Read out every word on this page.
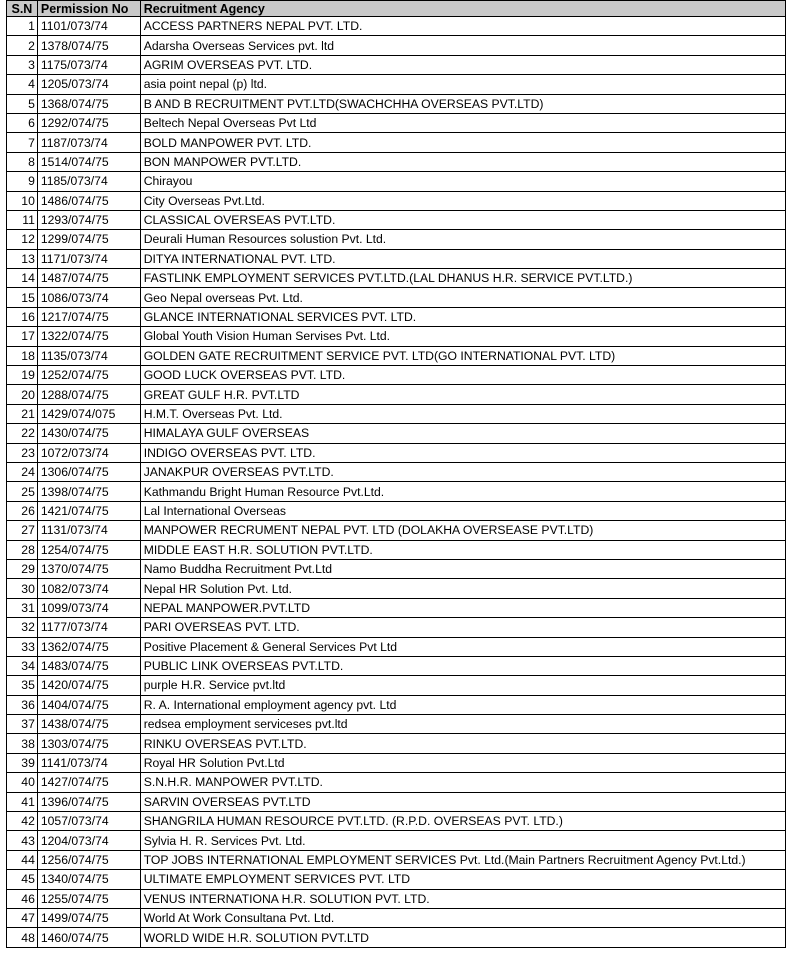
S.N	Permission No	Recruitment Agency
1	1101/073/74	ACCESS PARTNERS NEPAL PVT. LTD.
2	1378/074/75	Adarsha Overseas Services pvt. ltd
3	1175/073/74	AGRIM OVERSEAS PVT. LTD.
4	1205/073/74	asia point nepal (p) ltd.
5	1368/074/75	B AND B RECRUITMENT PVT.LTD(SWACHCHHA OVERSEAS PVT.LTD)
6	1292/074/75	Beltech Nepal Overseas Pvt Ltd
7	1187/073/74	BOLD MANPOWER PVT. LTD.
8	1514/074/75	BON MANPOWER PVT.LTD.
9	1185/073/74	Chirayou
10	1486/074/75	City Overseas Pvt.Ltd.
11	1293/074/75	CLASSICAL OVERSEAS PVT.LTD.
12	1299/074/75	Deurali Human Resources solustion Pvt. Ltd.
13	1171/073/74	DITYA INTERNATIONAL PVT. LTD.
14	1487/074/75	FASTLINK EMPLOYMENT SERVICES PVT.LTD.(LAL DHANUS H.R. SERVICE PVT.LTD.)
15	1086/073/74	Geo Nepal overseas Pvt. Ltd.
16	1217/074/75	GLANCE INTERNATIONAL SERVICES PVT. LTD.
17	1322/074/75	Global Youth Vision Human Servises Pvt. Ltd.
18	1135/073/74	GOLDEN GATE RECRUITMENT SERVICE PVT. LTD(GO INTERNATIONAL PVT. LTD)
19	1252/074/75	GOOD LUCK OVERSEAS PVT. LTD.
20	1288/074/75	GREAT GULF H.R. PVT.LTD
21	1429/074/075	H.M.T. Overseas Pvt. Ltd.
22	1430/074/75	HIMALAYA GULF OVERSEAS
23	1072/073/74	INDIGO OVERSEAS PVT. LTD.
24	1306/074/75	JANAKPUR OVERSEAS PVT.LTD.
25	1398/074/75	Kathmandu Bright Human Resource Pvt.Ltd.
26	1421/074/75	Lal International Overseas
27	1131/073/74	MANPOWER RECRUMENT NEPAL PVT. LTD (DOLAKHA OVERSEASE PVT.LTD)
28	1254/074/75	MIDDLE EAST H.R. SOLUTION PVT.LTD.
29	1370/074/75	Namo Buddha Recruitment Pvt.Ltd
30	1082/073/74	Nepal HR Solution Pvt. Ltd.
31	1099/073/74	NEPAL MANPOWER.PVT.LTD
32	1177/073/74	PARI OVERSEAS PVT. LTD.
33	1362/074/75	Positive Placement & General Services Pvt Ltd
34	1483/074/75	PUBLIC LINK OVERSEAS PVT.LTD.
35	1420/074/75	purple H.R. Service pvt.ltd
36	1404/074/75	R. A. International employment agency pvt. Ltd
37	1438/074/75	redsea employment serviceses pvt.ltd
38	1303/074/75	RINKU OVERSEAS PVT.LTD.
39	1141/073/74	Royal HR Solution Pvt.Ltd
40	1427/074/75	S.N.H.R. MANPOWER PVT.LTD.
41	1396/074/75	SARVIN OVERSEAS PVT.LTD
42	1057/073/74	SHANGRILA HUMAN RESOURCE PVT.LTD. (R.P.D. OVERSEAS PVT. LTD.)
43	1204/073/74	Sylvia H. R. Services Pvt. Ltd.
44	1256/074/75	TOP JOBS INTERNATIONAL EMPLOYMENT SERVICES Pvt. Ltd.(Main Partners Recruitment Agency Pvt.Ltd.)
45	1340/074/75	ULTIMATE EMPLOYMENT SERVICES PVT. LTD
46	1255/074/75	VENUS INTERNATIONA H.R. SOLUTION PVT. LTD.
47	1499/074/75	World At Work Consultana Pvt. Ltd.
48	1460/074/75	WORLD WIDE H.R. SOLUTION PVT.LTD
